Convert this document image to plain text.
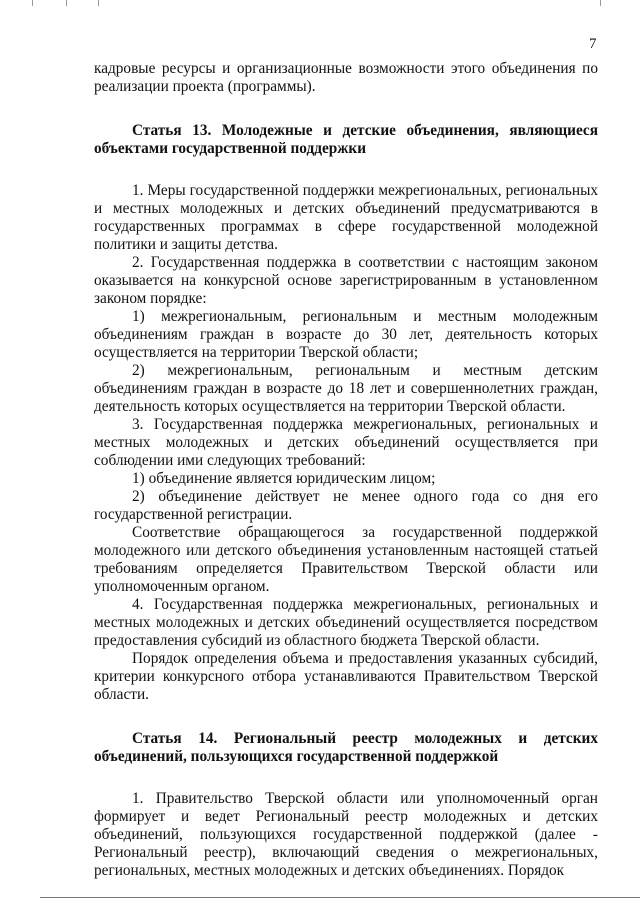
7

кадровые ресурсы и организационные возможности этого объединения по реализации проекта (программы).

Статья 13. Молодежные и детские объединения, являющиеся объектами государственной поддержки

1. Меры государственной поддержки межрегиональных, региональных и местных молодежных и детских объединений предусматриваются в государственных программах в сфере государственной молодежной политики и защиты детства.

2. Государственная поддержка в соответствии с настоящим законом оказывается на конкурсной основе зарегистрированным в установленном законом порядке:

1) межрегиональным, региональным и местным молодежным объединениям граждан в возрасте до 30 лет, деятельность которых осуществляется на территории Тверской области;

2) межрегиональным, региональным и местным детским объединениям граждан в возрасте до 18 лет и совершеннолетних граждан, деятельность которых осуществляется на территории Тверской области.

3. Государственная поддержка межрегиональных, региональных и местных молодежных и детских объединений осуществляется при соблюдении ими следующих требований:

1) объединение является юридическим лицом;

2) объединение действует не менее одного года со дня его государственной регистрации.

Соответствие обращающегося за государственной поддержкой молодежного или детского объединения установленным настоящей статьей требованиям определяется Правительством Тверской области или уполномоченным органом.

4. Государственная поддержка межрегиональных, региональных и местных молодежных и детских объединений осуществляется посредством предоставления субсидий из областного бюджета Тверской области.

Порядок определения объема и предоставления указанных субсидий, критерии конкурсного отбора устанавливаются Правительством Тверской области.

Статья 14. Региональный реестр молодежных и детских объединений, пользующихся государственной поддержкой

1. Правительство Тверской области или уполномоченный орган формирует и ведет Региональный реестр молодежных и детских объединений, пользующихся государственной поддержкой (далее - Региональный реестр), включающий сведения о межрегиональных, региональных, местных молодежных и детских объединениях. Порядок
